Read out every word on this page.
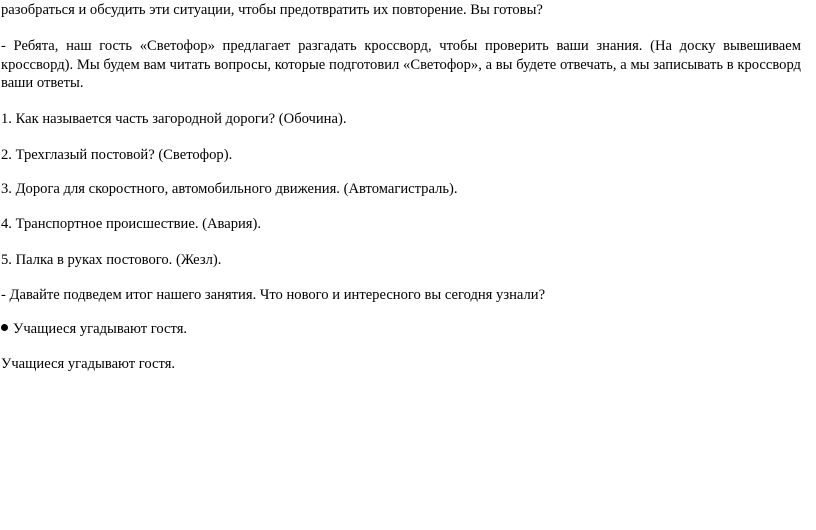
разобраться и обсудить эти ситуации, чтобы предотвратить их повторение. Вы готовы?
- Ребята, наш гость «Светофор» предлагает разгадать кроссворд, чтобы проверить ваши знания. (На доску вывешиваем кроссворд). Мы будем вам читать вопросы, которые подготовил «Светофор», а вы будете отвечать, а мы записывать в кроссворд ваши ответы.
1. Как называется часть загородной дороги? (Обочина).
2. Трехглазый постовой? (Светофор).
3. Дорога для скоростного, автомобильного движения. (Автомагистраль).
4. Транспортное происшествие. (Авария).
5. Палка в руках постового. (Жезл).
- Давайте подведем итог нашего занятия. Что нового и интересного вы сегодня узнали?
Учащиеся угадывают гостя.
Учащиеся угадывают гостя.
